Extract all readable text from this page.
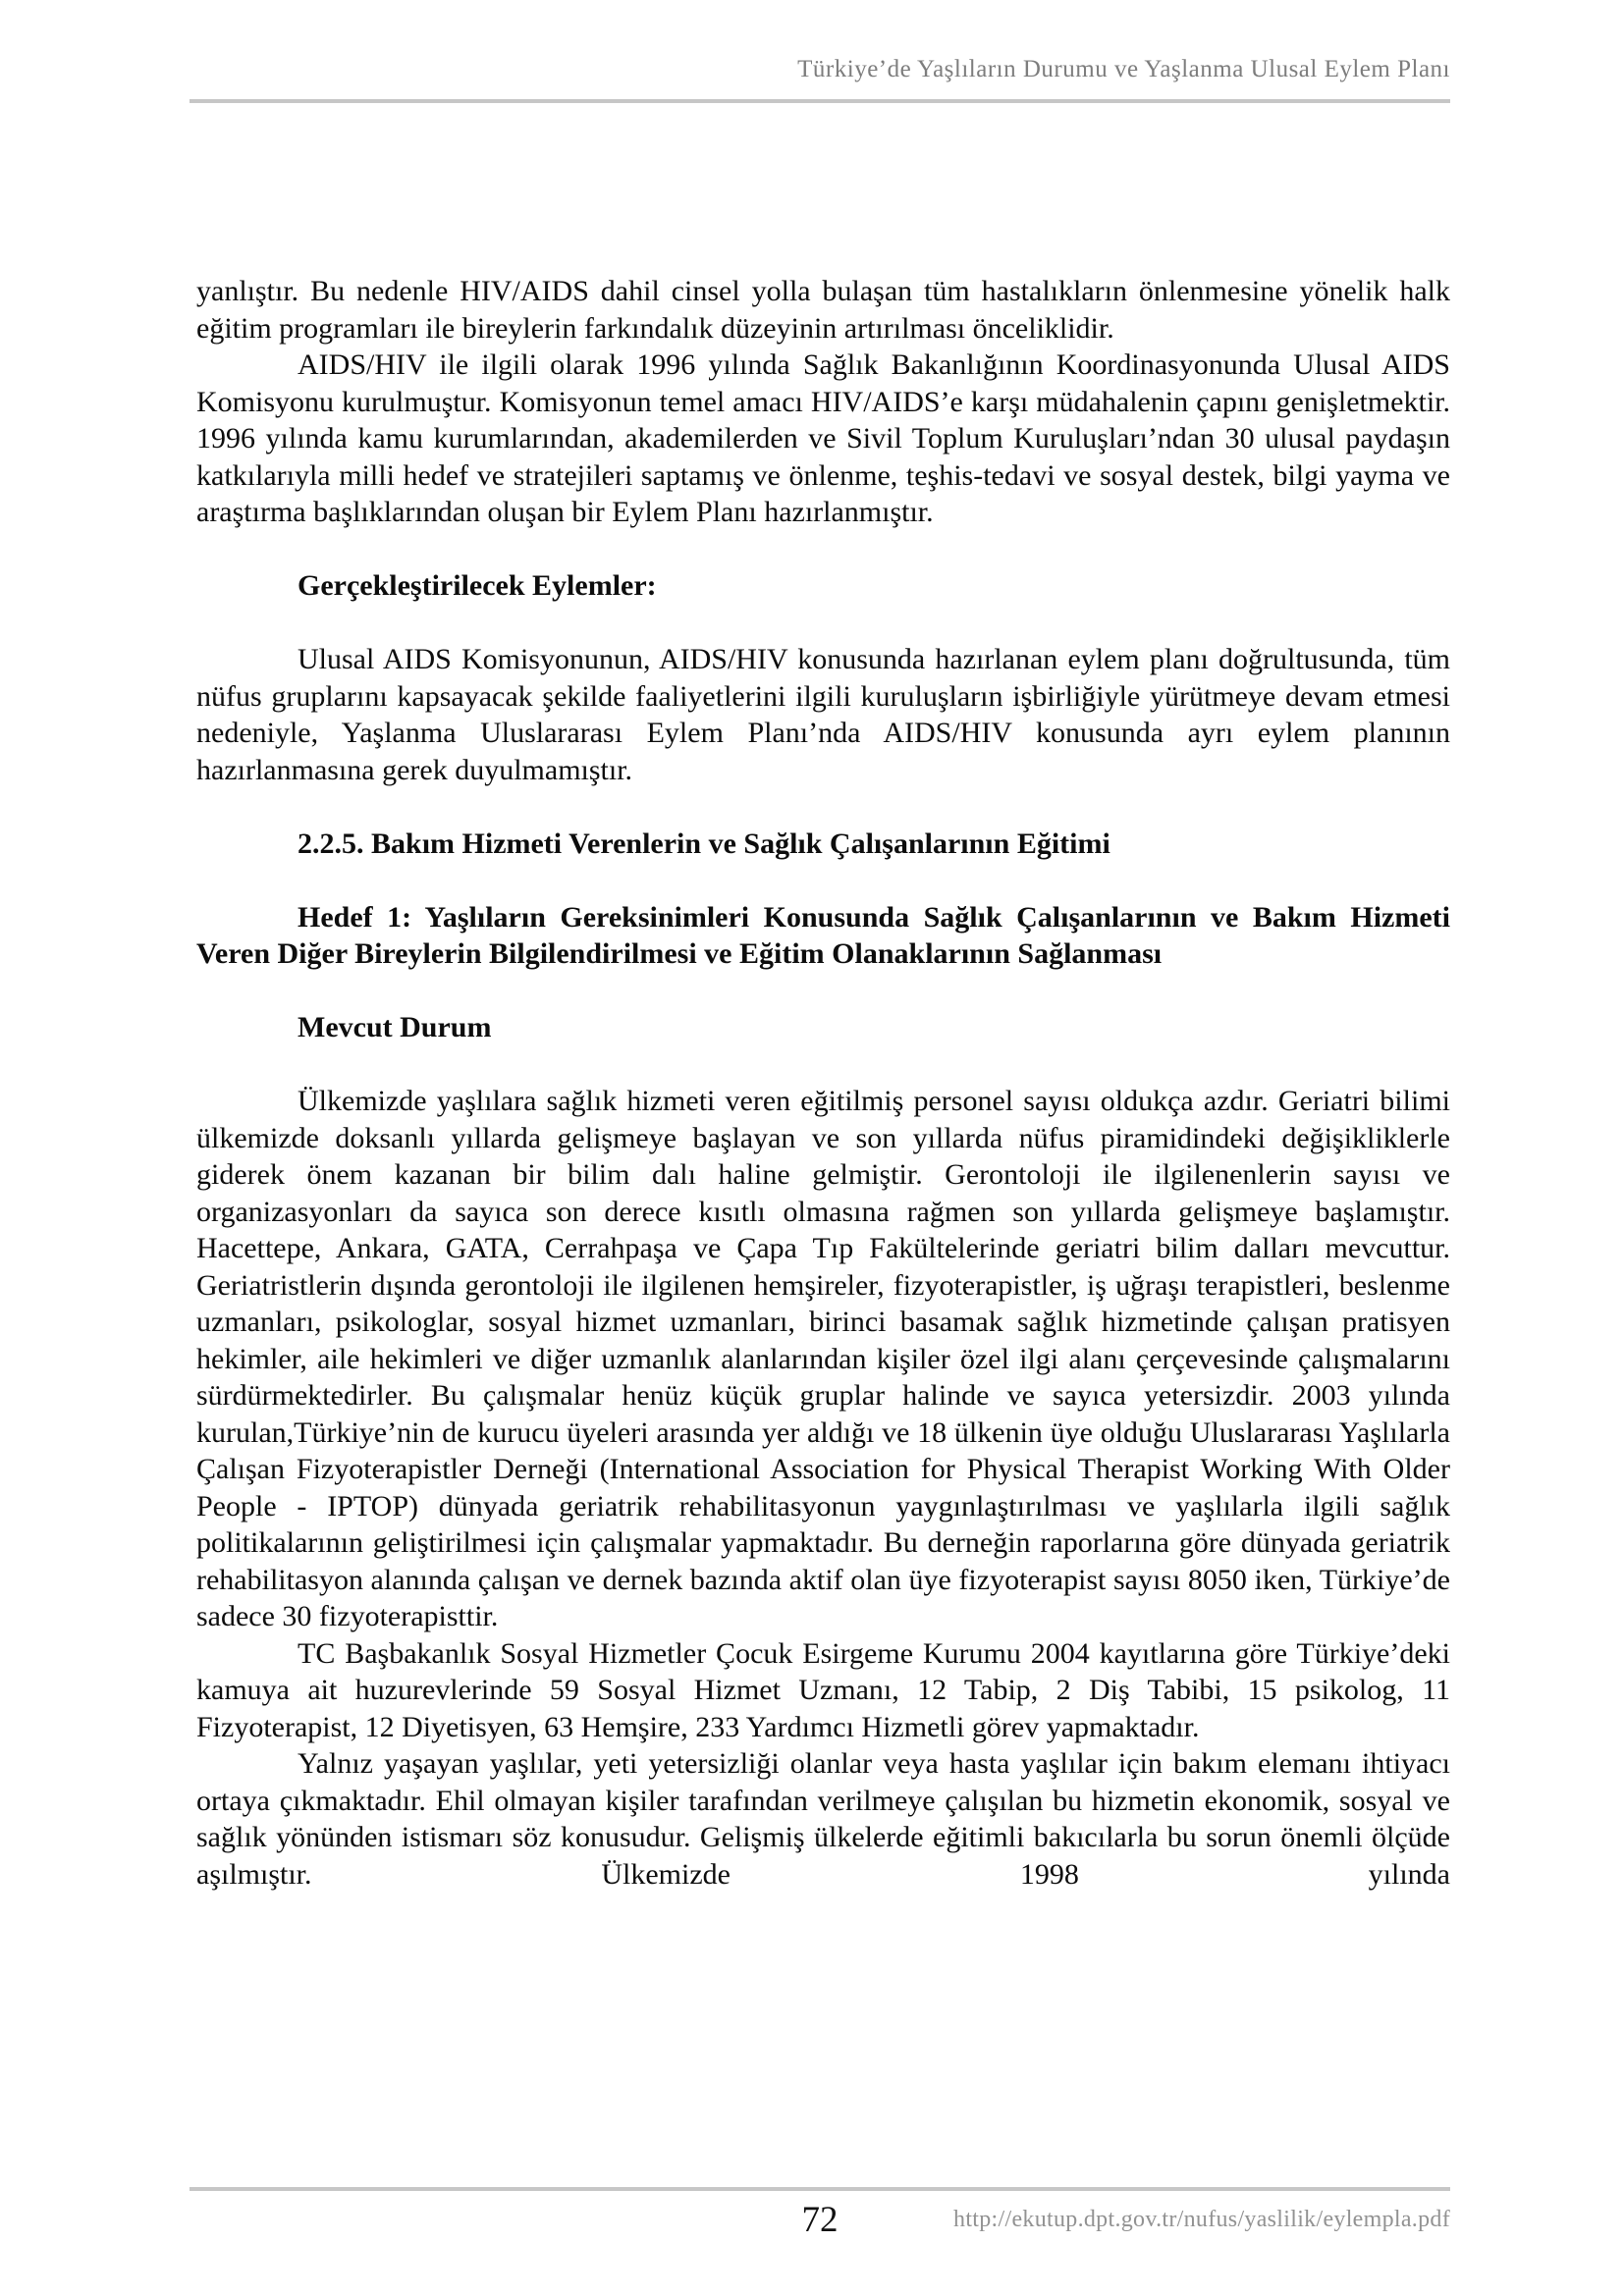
Türkiye’de Yaşlıların Durumu ve Yaşlanma Ulusal Eylem Planı

yanlıştır. Bu nedenle HIV/AIDS dahil cinsel yolla bulaşan tüm hastalıkların önlenmesine yönelik halk eğitim programları ile bireylerin farkındalık düzeyinin artırılması önceliklidir.

AIDS/HIV ile ilgili olarak 1996 yılında Sağlık Bakanlığının Koordinasyonunda Ulusal AIDS Komisyonu kurulmuştur. Komisyonun temel amacı HIV/AIDS’e karşı müdahalenin çapını genişletmektir. 1996 yılında kamu kurumlarından, akademilerden ve Sivil Toplum Kuruluşları’ndan 30 ulusal paydaşın katkılarıyla milli hedef ve stratejileri saptamış ve önlenme, teşhis-tedavi ve sosyal destek, bilgi yayma ve araştırma başlıklarından oluşan bir Eylem Planı hazırlanmıştır.

Gerçekleştirilecek Eylemler:

Ulusal AIDS Komisyonunun, AIDS/HIV konusunda hazırlanan eylem planı doğrultusunda, tüm nüfus gruplarını kapsayacak şekilde faaliyetlerini ilgili kuruluşların işbirliğiyle yürütmeye devam etmesi nedeniyle, Yaşlanma Uluslararası Eylem Planı’nda AIDS/HIV konusunda ayrı eylem planının hazırlanmasına gerek duyulmamıştır.

2.2.5. Bakım Hizmeti Verenlerin ve Sağlık Çalışanlarının Eğitimi
Hedef 1: Yaşlıların Gereksinimleri Konusunda Sağlık Çalışanlarının ve Bakım Hizmeti Veren Diğer Bireylerin Bilgilendirilmesi ve Eğitim Olanaklarının Sağlanması
Mevcut Durum

Ülkemizde yaşlılara sağlık hizmeti veren eğitilmiş personel sayısı oldukça azdır. Geriatri bilimi ülkemizde doksanlı yıllarda gelişmeye başlayan ve son yıllarda nüfus piramidindeki değişikliklerle giderek önem kazanan bir bilim dalı haline gelmiştir. Gerontoloji ile ilgilenenlerin sayısı ve organizasyonları da sayıca son derece kısıtlı olmasına rağmen son yıllarda gelişmeye başlamıştır. Hacettepe, Ankara, GATA, Cerrahpaşa ve Çapa Tıp Fakültelerinde geriatri bilim dalları mevcuttur. Geriatristlerin dışında gerontoloji ile ilgilenen hemşireler, fizyoterapistler, iş uğraşı terapistleri, beslenme uzmanları, psikologlar, sosyal hizmet uzmanları, birinci basamak sağlık hizmetinde çalışan pratisyen hekimler, aile hekimleri ve diğer uzmanlık alanlarından kişiler özel ilgi alanı çerçevesinde çalışmalarını sürdürmektedirler. Bu çalışmalar henüz küçük gruplar halinde ve sayıca yetersizdir. 2003 yılında kurulan,Türkiye’nin de kurucu üyeleri arasında yer aldığı ve 18 ülkenin üye olduğu Uluslararası Yaşlılarla Çalışan Fizyoterapistler Derneği (International Association for Physical Therapist Working With Older People - IPTOP) dünyada geriatrik rehabilitasyonun yaygınlaştırılması ve yaşlılarla ilgili sağlık politikalarının geliştirilmesi için çalışmalar yapmaktadır. Bu derneğin raporlarına göre dünyada geriatrik rehabilitasyon alanında çalışan ve dernek bazında aktif olan üye fizyoterapist sayısı 8050 iken, Türkiye’de sadece 30 fizyoterapisttir.

TC Başbakanlık Sosyal Hizmetler Çocuk Esirgeme Kurumu 2004 kayıtlarına göre Türkiye’deki kamuya ait huzurevlerinde 59 Sosyal Hizmet Uzmanı, 12 Tabip, 2 Diş Tabibi, 15 psikolog, 11 Fizyoterapist, 12 Diyetisyen, 63 Hemşire, 233 Yardımcı Hizmetli görev yapmaktadır.

Yalnız yaşayan yaşlılar, yeti yetersizliği olanlar veya hasta yaşlılar için bakım elemanı ihtiyacı ortaya çıkmaktadır. Ehil olmayan kişiler tarafından verilmeye çalışılan bu hizmetin ekonomik, sosyal ve sağlık yönünden istismarı söz konusudur. Gelişmiş ülkelerde eğitimli bakıcılarla bu sorun önemli ölçüde aşılmıştır. Ülkemizde 1998 yılında

72	http://ekutup.dpt.gov.tr/nufus/yaslilik/eylempla.pdf
